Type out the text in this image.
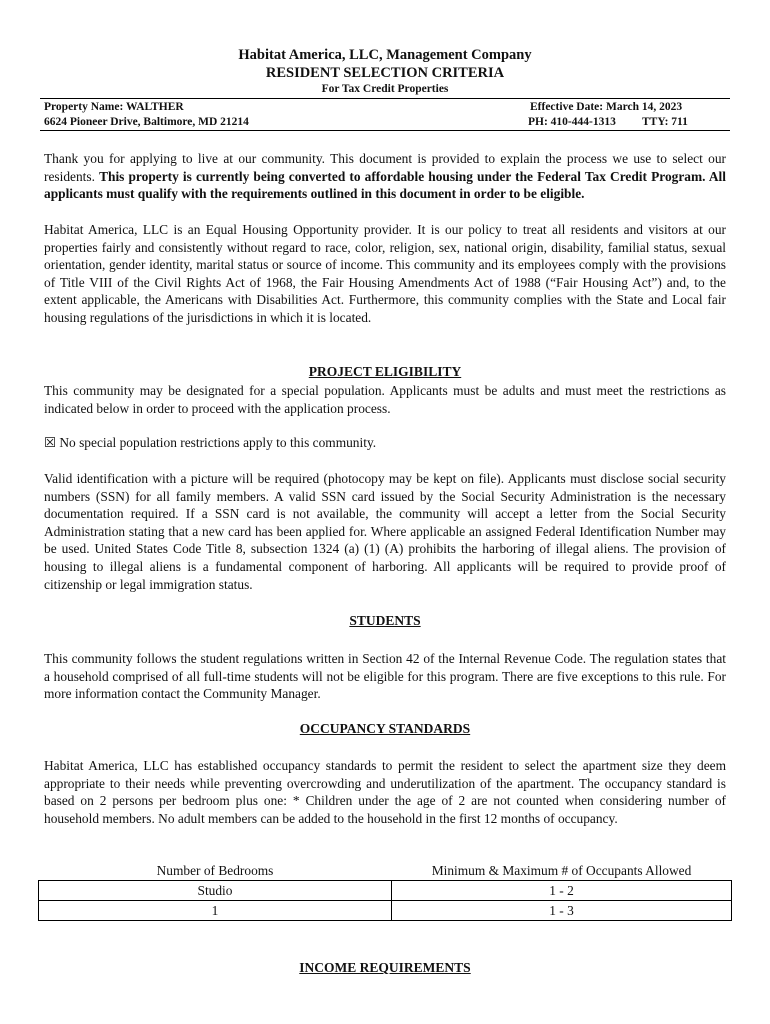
Habitat America, LLC, Management Company
RESIDENT SELECTION CRITERIA
For Tax Credit Properties
Property Name: WALTHER
6624 Pioneer Drive, Baltimore, MD 21214
Effective Date: March 14, 2023
PH: 410-444-1313 TTY: 711

Thank you for applying to live at our community. This document is provided to explain the process we use to select our residents. This property is currently being converted to affordable housing under the Federal Tax Credit Program. All applicants must qualify with the requirements outlined in this document in order to be eligible.

Habitat America, LLC is an Equal Housing Opportunity provider. It is our policy to treat all residents and visitors at our properties fairly and consistently without regard to race, color, religion, sex, national origin, disability, familial status, sexual orientation, gender identity, marital status or source of income. This community and its employees comply with the provisions of Title VIII of the Civil Rights Act of 1968, the Fair Housing Amendments Act of 1988 (“Fair Housing Act”) and, to the extent applicable, the Americans with Disabilities Act. Furthermore, this community complies with the State and Local fair housing regulations of the jurisdictions in which it is located.

PROJECT ELIGIBILITY

This community may be designated for a special population. Applicants must be adults and must meet the restrictions as indicated below in order to proceed with the application process.

☒ No special population restrictions apply to this community.

Valid identification with a picture will be required (photocopy may be kept on file). Applicants must disclose social security numbers (SSN) for all family members. A valid SSN card issued by the Social Security Administration is the necessary documentation required. If a SSN card is not available, the community will accept a letter from the Social Security Administration stating that a new card has been applied for. Where applicable an assigned Federal Identification Number may be used. United States Code Title 8, subsection 1324 (a) (1) (A) prohibits the harboring of illegal aliens. The provision of housing to illegal aliens is a fundamental component of harboring. All applicants will be required to provide proof of citizenship or legal immigration status.

STUDENTS

This community follows the student regulations written in Section 42 of the Internal Revenue Code. The regulation states that a household comprised of all full-time students will not be eligible for this program. There are five exceptions to this rule. For more information contact the Community Manager.

OCCUPANCY STANDARDS

Habitat America, LLC has established occupancy standards to permit the resident to select the apartment size they deem appropriate to their needs while preventing overcrowding and underutilization of the apartment. The occupancy standard is based on 2 persons per bedroom plus one: * Children under the age of 2 are not counted when considering number of household members. No adult members can be added to the household in the first 12 months of occupancy.

Number of Bedrooms	Minimum & Maximum # of Occupants Allowed
Studio	1 - 2
1	1 - 3
INCOME REQUIREMENTS
